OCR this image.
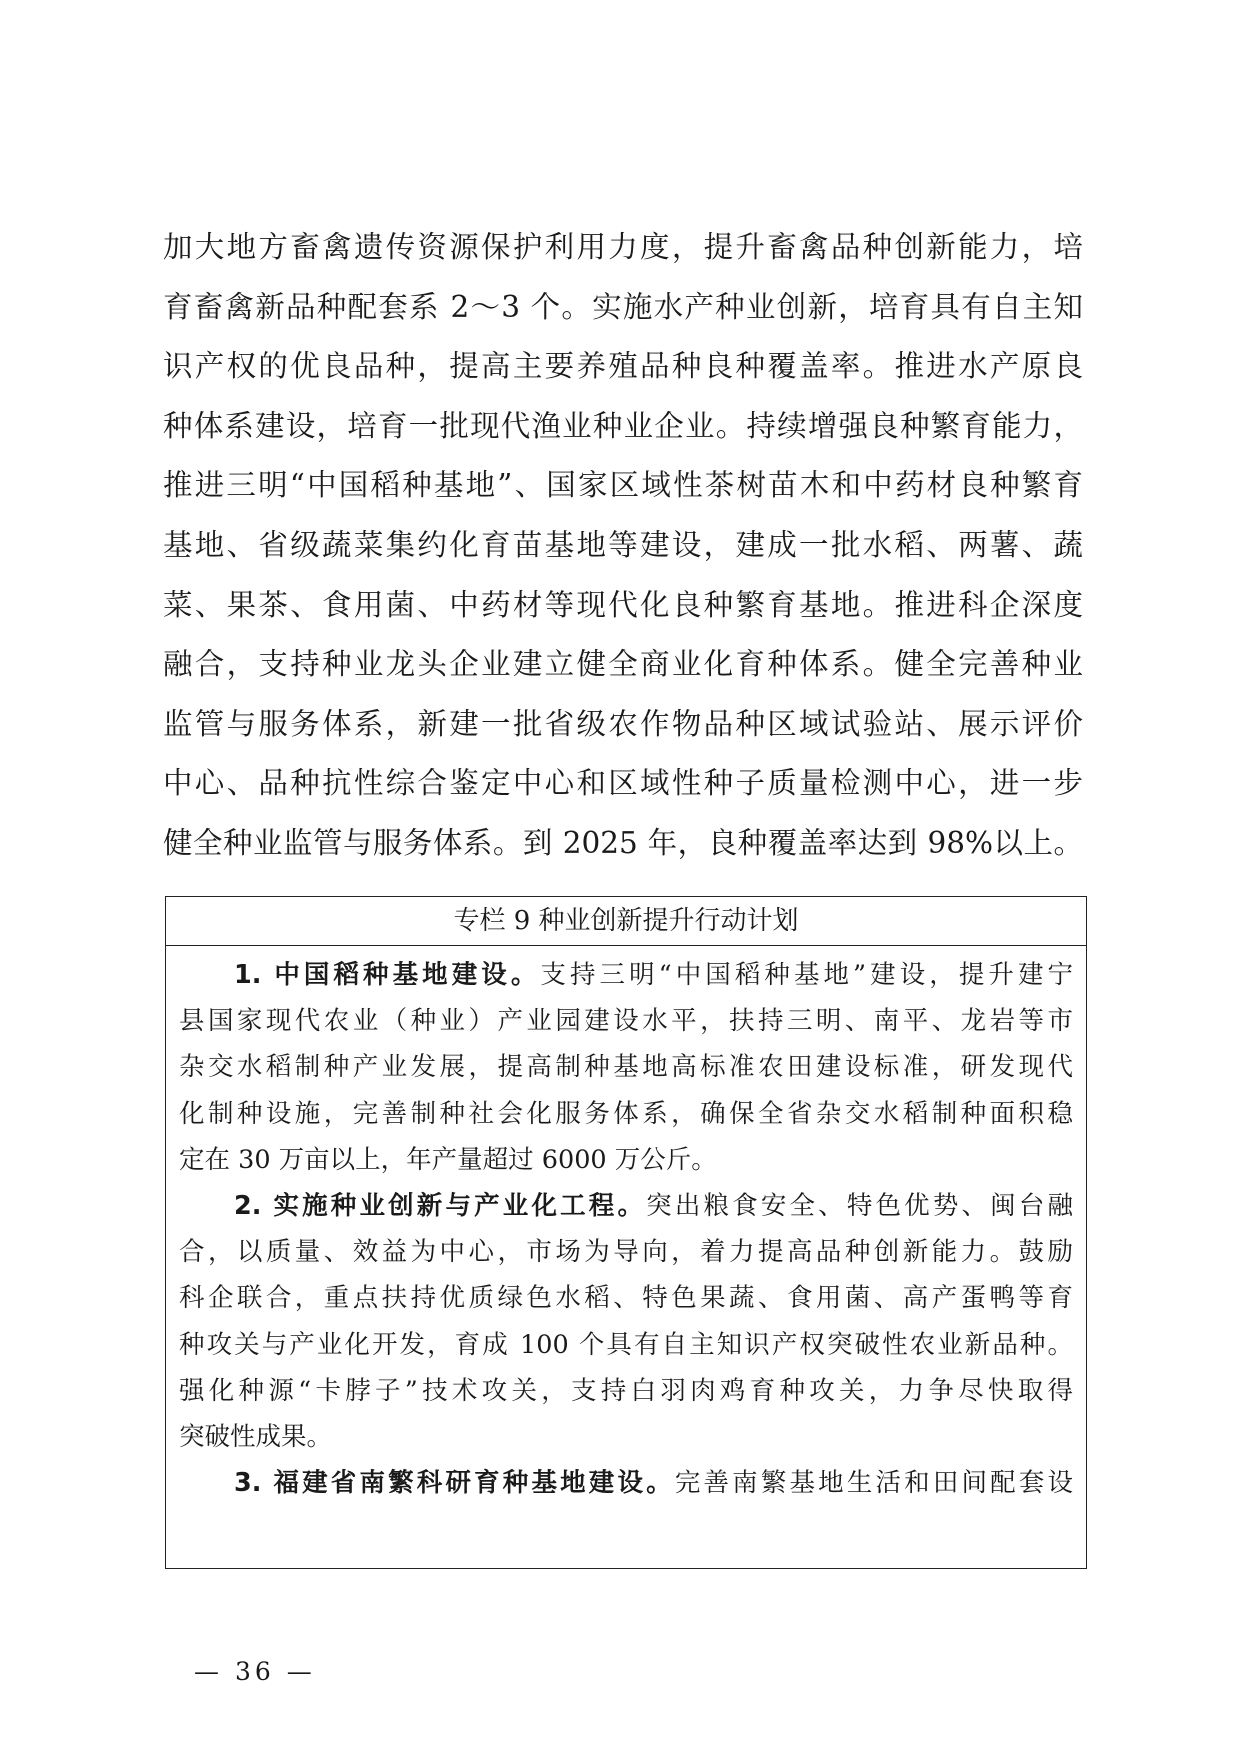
加大地方畜禽遗传资源保护利用力度，提升畜禽品种创新能力，培
育畜禽新品种配套系 2～3 个。实施水产种业创新，培育具有自主知
识产权的优良品种，提高主要养殖品种良种覆盖率。推进水产原良
种体系建设，培育一批现代渔业种业企业。持续增强良种繁育能力，
推进三明“中国稻种基地”、国家区域性茶树苗木和中药材良种繁育
基地、省级蔬菜集约化育苗基地等建设，建成一批水稻、两薯、蔬
菜、果茶、食用菌、中药材等现代化良种繁育基地。推进科企深度
融合，支持种业龙头企业建立健全商业化育种体系。健全完善种业
监管与服务体系，新建一批省级农作物品种区域试验站、展示评价
中心、品种抗性综合鉴定中心和区域性种子质量检测中心，进一步
健全种业监管与服务体系。到 2025 年，良种覆盖率达到 98%以上。
专栏 9 种业创新提升行动计划
1. 中国稻种基地建设。支持三明“中国稻种基地”建设，提升建宁
县国家现代农业（种业）产业园建设水平，扶持三明、南平、龙岩等市
杂交水稻制种产业发展，提高制种基地高标准农田建设标准，研发现代
化制种设施，完善制种社会化服务体系，确保全省杂交水稻制种面积稳
定在 30 万亩以上，年产量超过 6000 万公斤。
2. 实施种业创新与产业化工程。突出粮食安全、特色优势、闽台融
合，以质量、效益为中心，市场为导向，着力提高品种创新能力。鼓励
科企联合，重点扶持优质绿色水稻、特色果蔬、食用菌、高产蛋鸭等育
种攻关与产业化开发，育成 100 个具有自主知识产权突破性农业新品种。
强化种源“卡脖子”技术攻关，支持白羽肉鸡育种攻关，力争尽快取得
突破性成果。
3. 福建省南繁科研育种基地建设。完善南繁基地生活和田间配套设
— 36 —
